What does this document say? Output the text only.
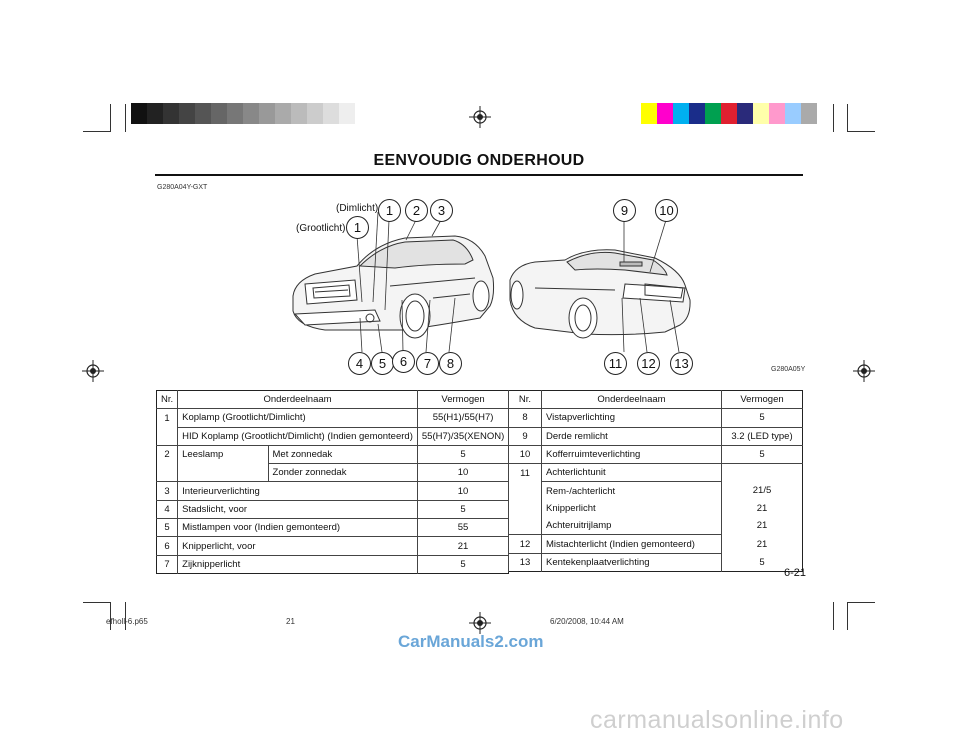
EENVOUDIG ONDERHOUD
G280A04Y-GXT
G280A05Y
(Dimlicht)
(Grootlicht)
1	2	3
1
4	5	6	7	8
9	10
11	12	13
Nr.	Onderdeelnaam		Vermogen
1	Koplamp (Grootlicht/Dimlicht)		55(H1)/55(H7)
	HID Koplamp (Grootlicht/Dimlicht) (Indien gemonteerd)		55(H7)/35(XENON)
2	Leeslamp	Met zonnedak	5
		Zonder zonnedak	10
3	Interieurverlichting		10
4	Stadslicht, voor		5
5	Mistlampen voor (Indien gemonteerd)		55
6	Knipperlicht, voor		21
7	Zijknipperlicht		5
Nr.	Onderdeelnaam	Vermogen
8	Vistapverlichting	5
9	Derde remlicht	3.2 (LED type)
10	Kofferruimteverlichting	5
11	Achterlichtunit	
	Rem-/achterlicht	21/5
	Knipperlicht	21
	Achteruitrijlamp	21
12	Mistachterlicht (Indien gemonteerd)	21
13	Kentekenplaatverlichting	5
6-21
efholl-6.p65	21	6/20/2008, 10:44 AM
CarManuals2.com
carmanualsonline.info
